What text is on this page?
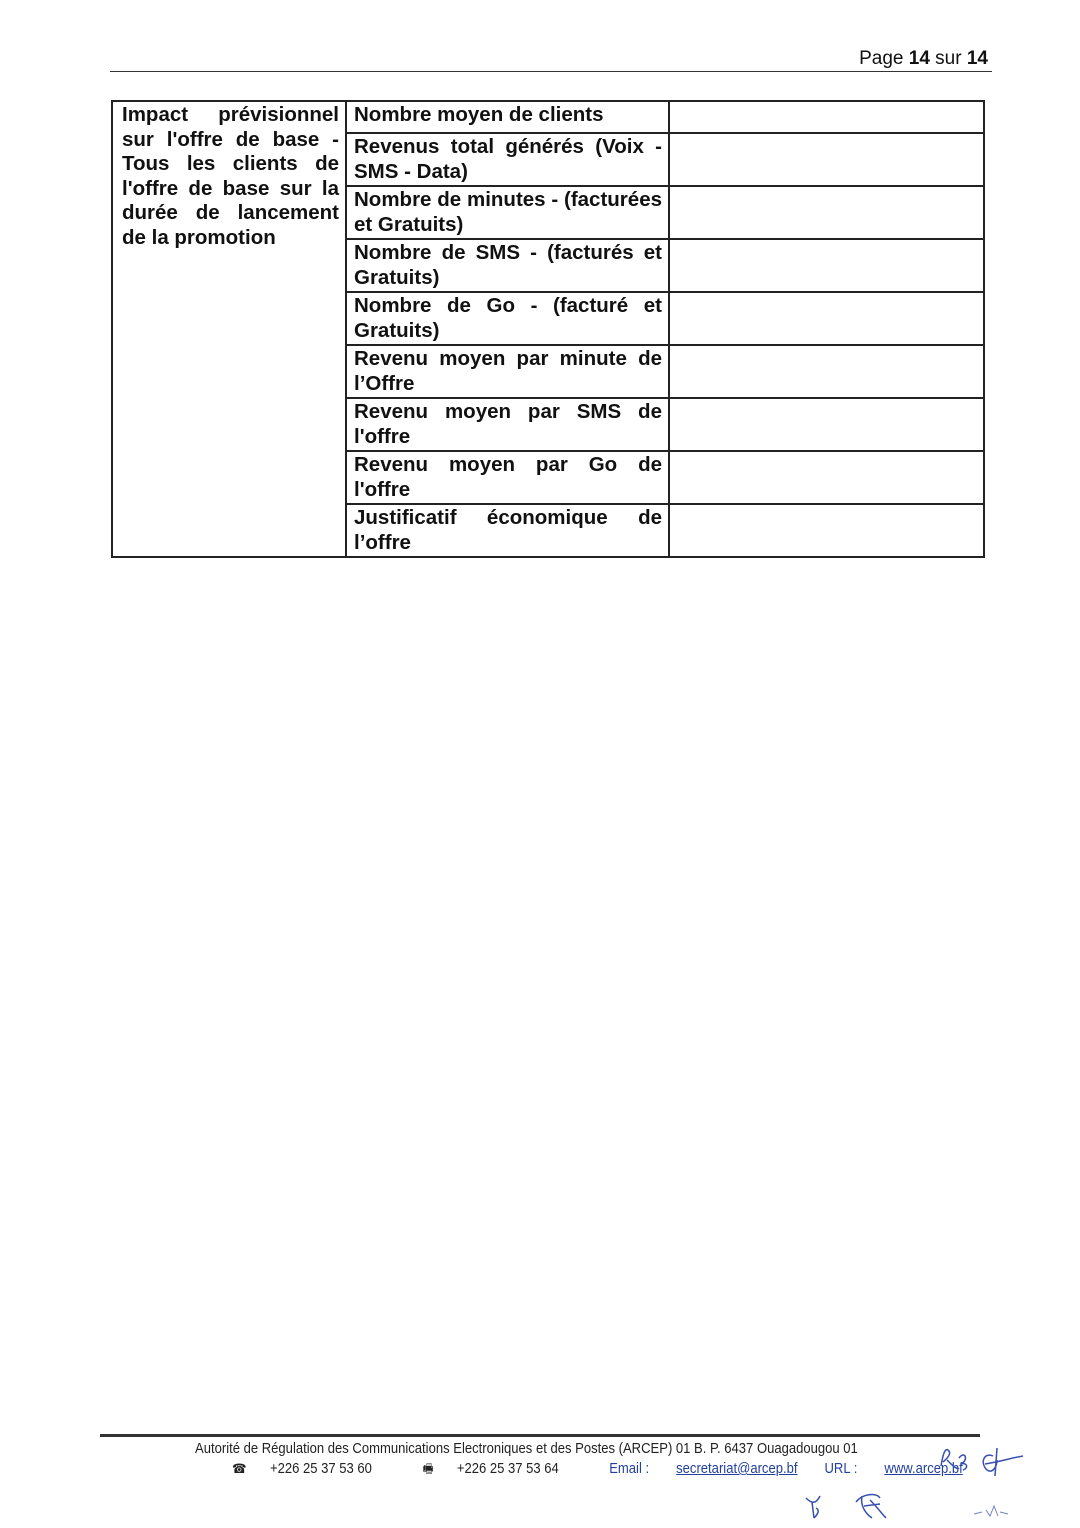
Page 14 sur 14
Impact prévisionnel sur l'offre de base - Tous les clients de l'offre de base sur la durée de lancement de la promotion	Nombre moyen de clients	
	Revenus total générés (Voix - SMS - Data)	
	Nombre de minutes - (facturées et Gratuits)	
	Nombre de SMS - (facturés et Gratuits)	
	Nombre de Go - (facturé et Gratuits)	
	Revenu moyen par minute de l’Offre	
	Revenu moyen par SMS de l'offre	
	Revenu moyen par Go de l'offre	
	Justificatif économique de l’offre	
Autorité de Régulation des Communications Electroniques et des Postes (ARCEP) 01 B. P. 6437 Ouagadougou 01
☎ +226 25 37 53 60	🖷 +226 25 37 53 64	Email : secretariat@arcep.bf URL : www.arcep.bf
